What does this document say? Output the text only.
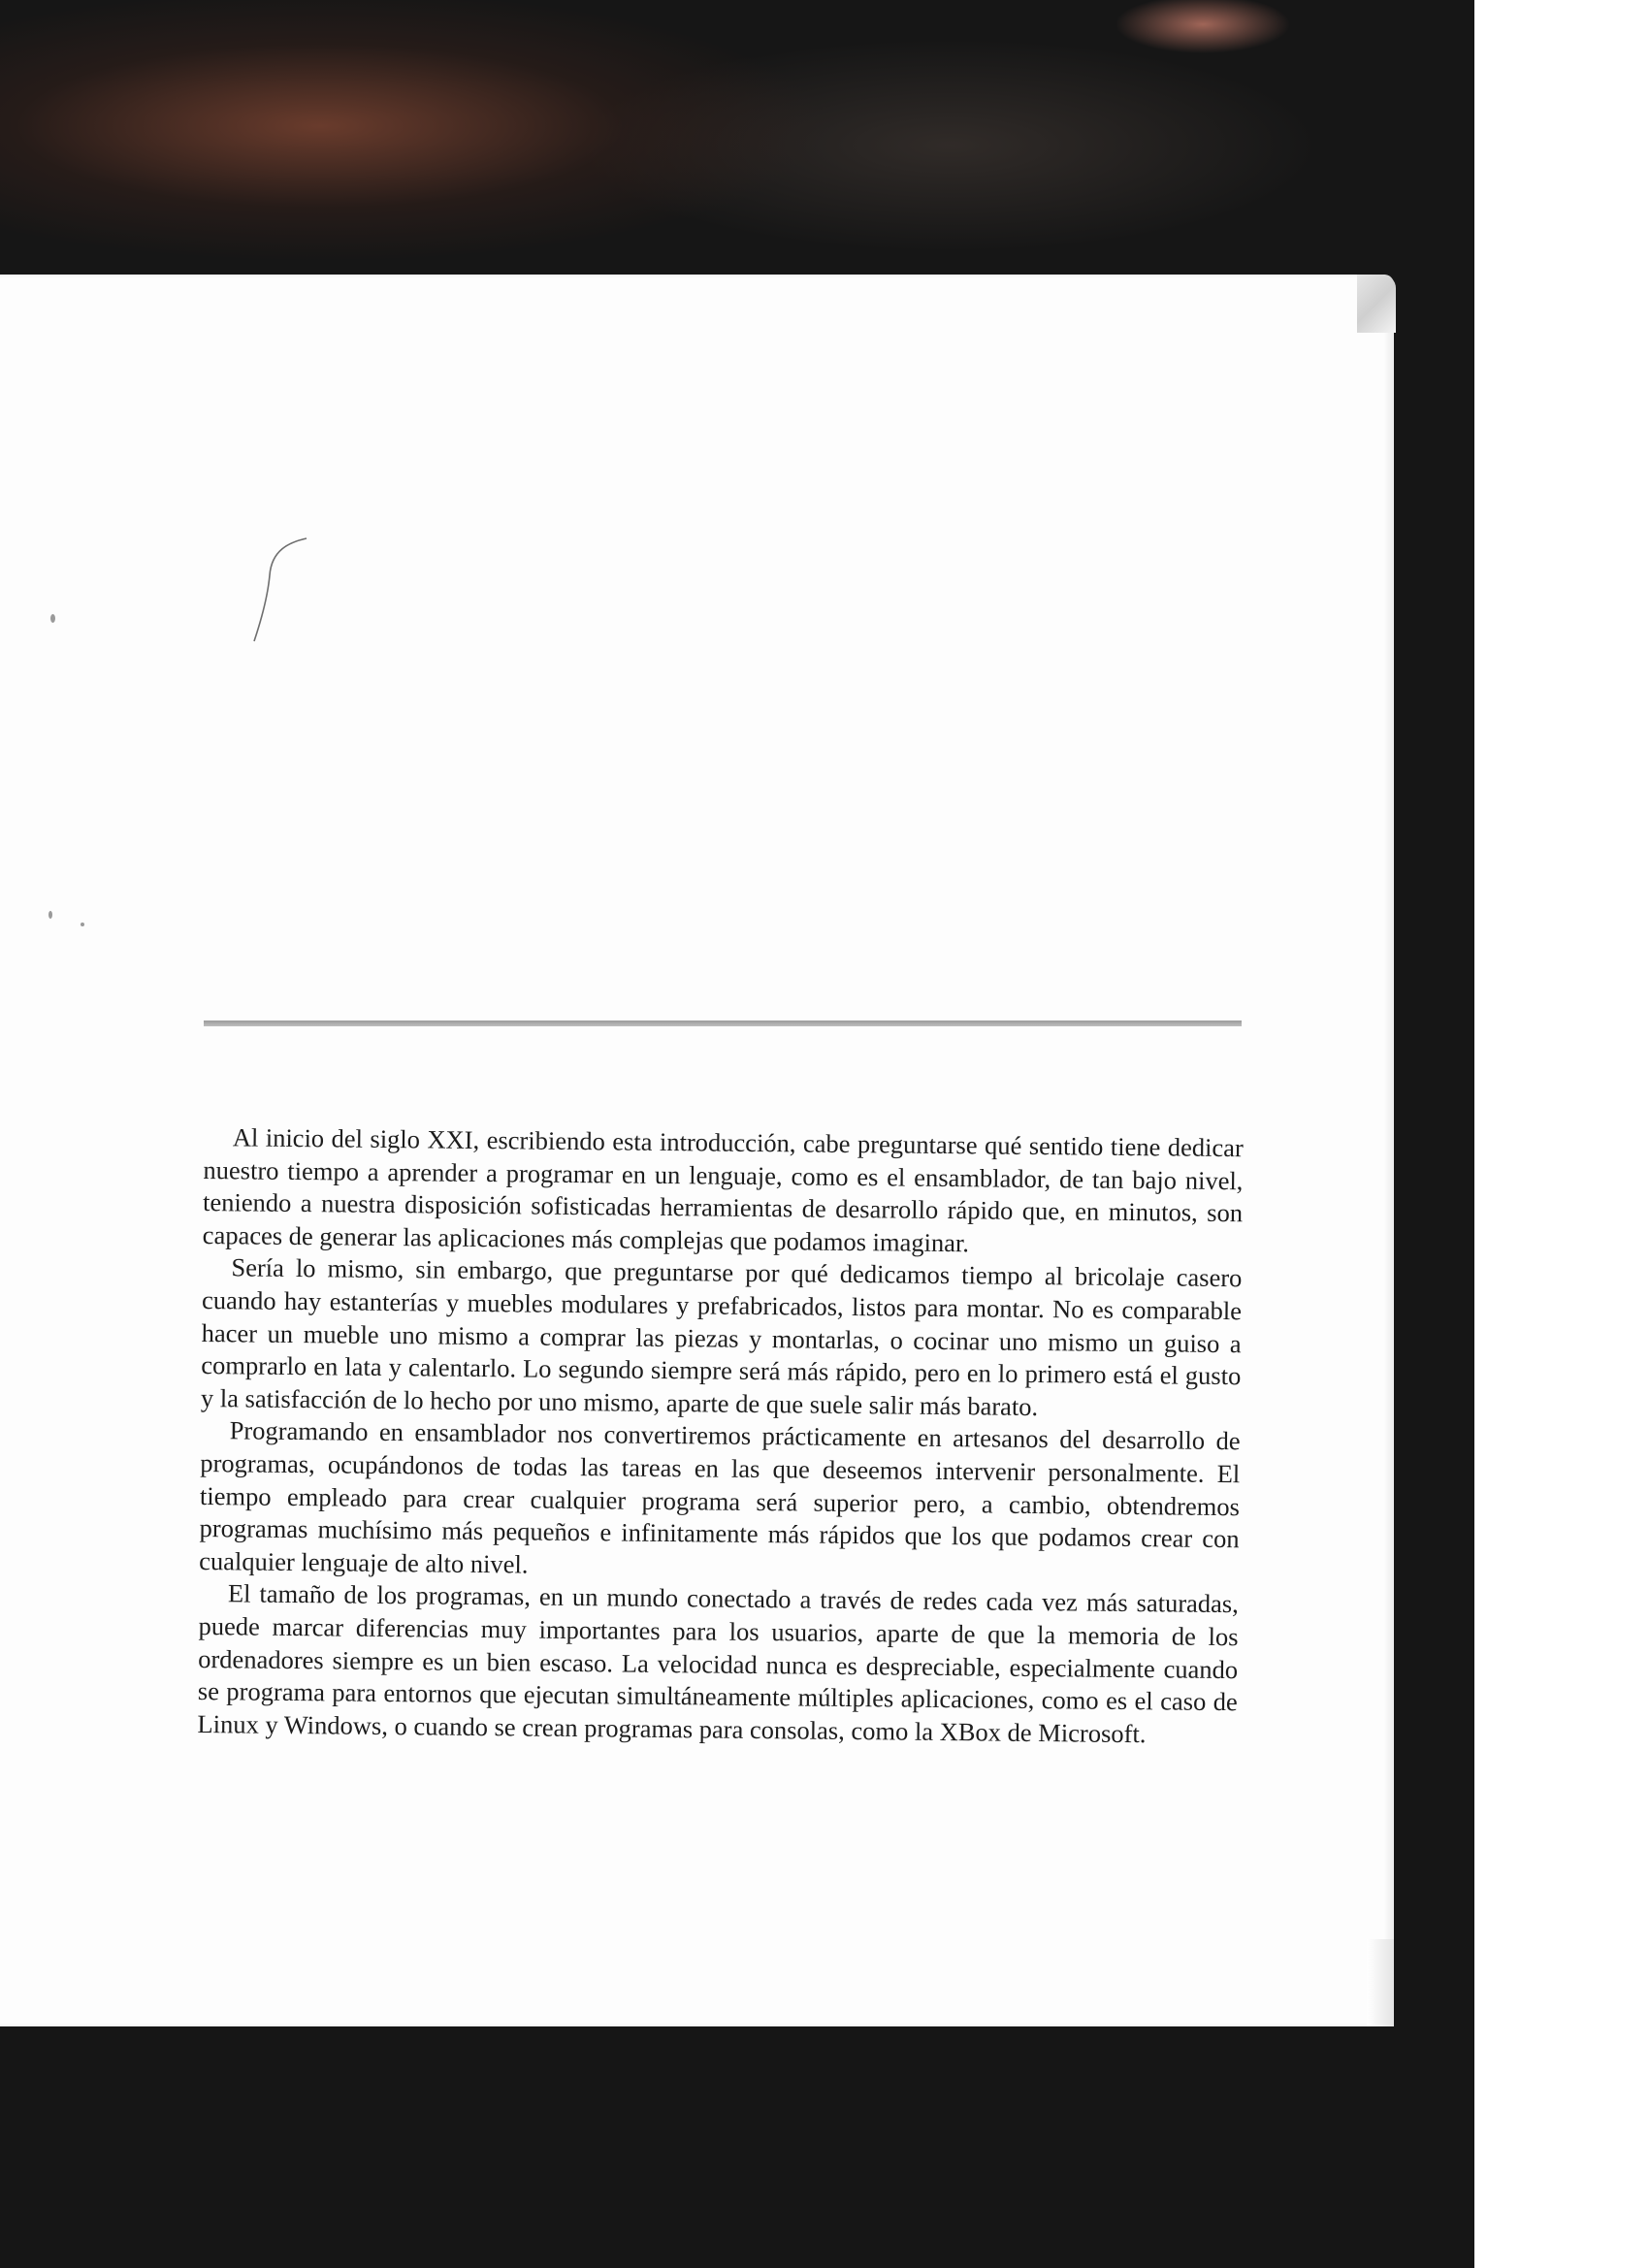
Al inicio del siglo XXI, escribiendo esta introducción, cabe preguntarse qué sentido tiene dedicar nuestro tiempo a aprender a programar en un lenguaje, como es el ensamblador, de tan bajo nivel, teniendo a nuestra disposición sofisticadas herramientas de desarrollo rápido que, en minutos, son capaces de generar las aplicaciones más complejas que podamos imaginar.

Sería lo mismo, sin embargo, que preguntarse por qué dedicamos tiempo al bricolaje casero cuando hay estanterías y muebles modulares y prefabricados, listos para montar. No es comparable hacer un mueble uno mismo a comprar las piezas y montarlas, o cocinar uno mismo un guiso a comprarlo en lata y calentarlo. Lo segundo siempre será más rápido, pero en lo primero está el gusto y la satisfacción de lo hecho por uno mismo, aparte de que suele salir más barato.

Programando en ensamblador nos convertiremos prácticamente en artesanos del desarrollo de programas, ocupándonos de todas las tareas en las que deseemos intervenir personalmente. El tiempo empleado para crear cualquier programa será superior pero, a cambio, obtendremos programas muchísimo más pequeños e infinitamente más rápidos que los que podamos crear con cualquier lenguaje de alto nivel.

El tamaño de los programas, en un mundo conectado a través de redes cada vez más saturadas, puede marcar diferencias muy importantes para los usuarios, aparte de que la memoria de los ordenadores siempre es un bien escaso. La velocidad nunca es despreciable, especialmente cuando se programa para entornos que ejecutan simultáneamente múltiples aplicaciones, como es el caso de Linux y Windows, o cuando se crean programas para consolas, como la XBox de Microsoft.
